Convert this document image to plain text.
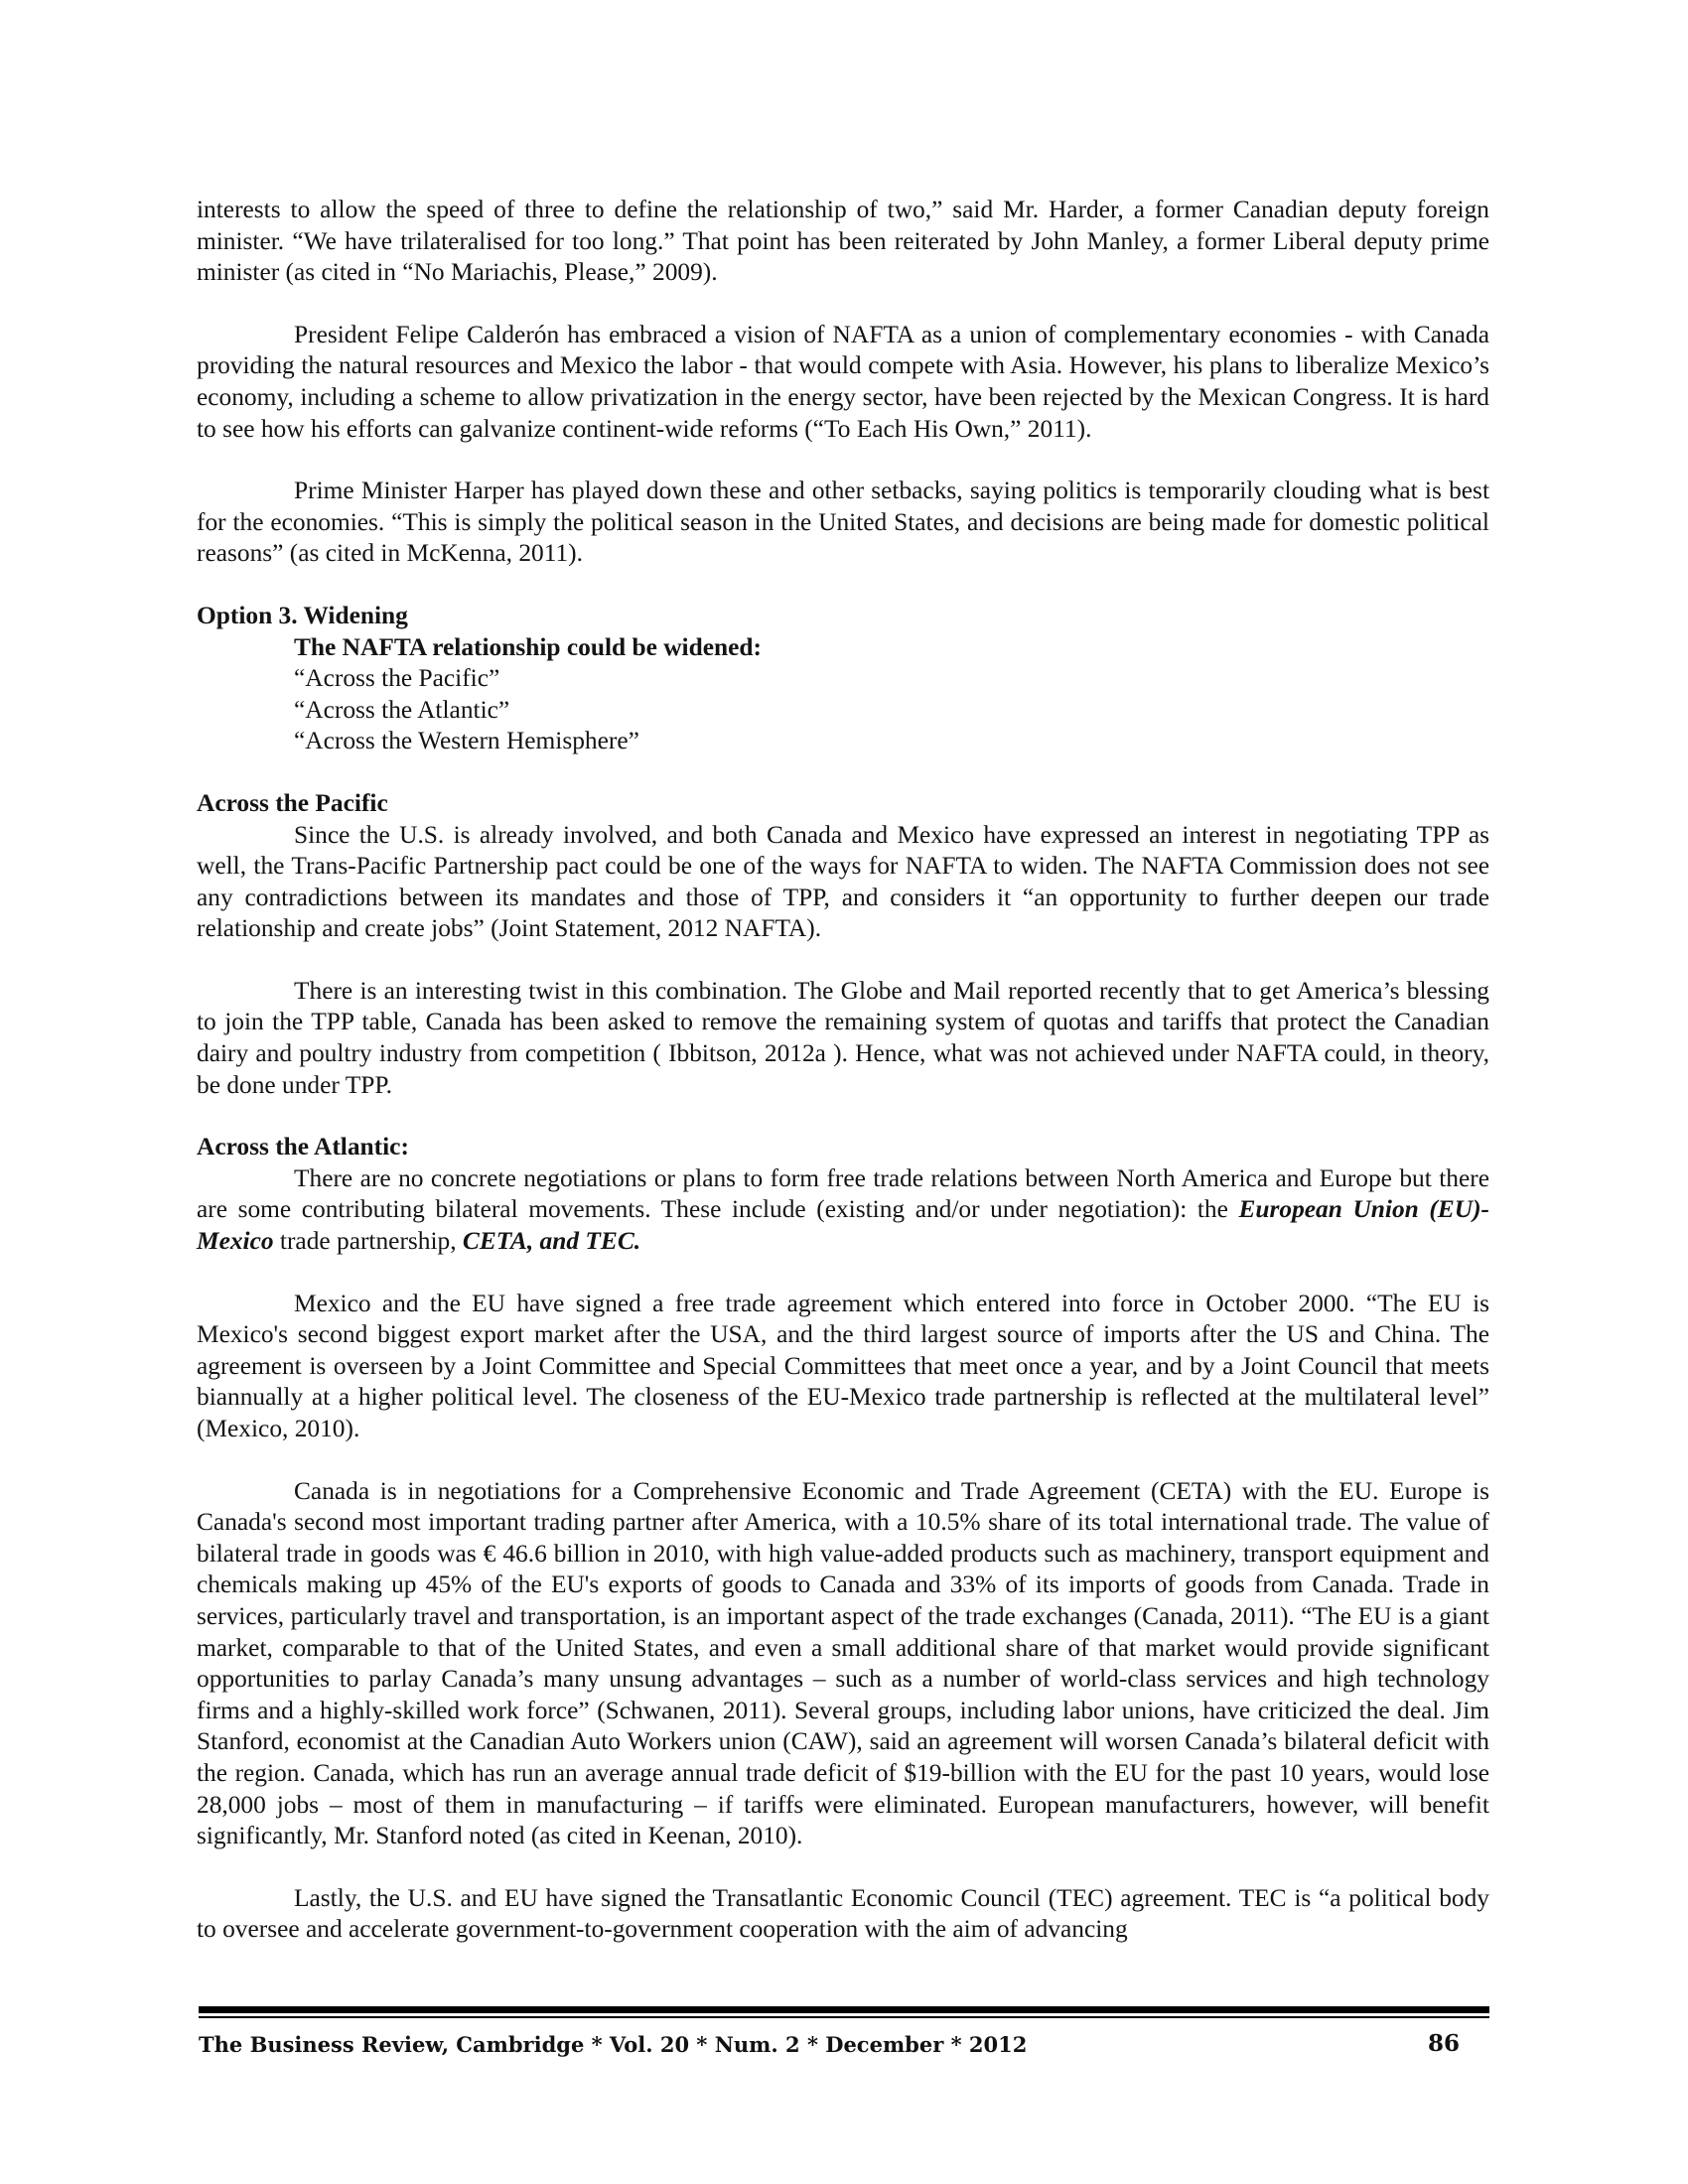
interests to allow the speed of three to define the relationship of two,” said Mr. Harder, a former Canadian deputy foreign minister. “We have trilateralised for too long.” That point has been reiterated by John Manley, a former Liberal deputy prime minister (as cited in “No Mariachis, Please,” 2009).

President Felipe Calderón has embraced a vision of NAFTA as a union of complementary economies - with Canada providing the natural resources and Mexico the labor - that would compete with Asia. However, his plans to liberalize Mexico’s economy, including a scheme to allow privatization in the energy sector, have been rejected by the Mexican Congress. It is hard to see how his efforts can galvanize continent-wide reforms (“To Each His Own,” 2011).

Prime Minister Harper has played down these and other setbacks, saying politics is temporarily clouding what is best for the economies. “This is simply the political season in the United States, and decisions are being made for domestic political reasons” (as cited in McKenna, 2011).

Option 3. Widening

The NAFTA relationship could be widened:

“Across the Pacific”

“Across the Atlantic”

“Across the Western Hemisphere”

Across the Pacific

Since the U.S. is already involved, and both Canada and Mexico have expressed an interest in negotiating TPP as well, the Trans-Pacific Partnership pact could be one of the ways for NAFTA to widen. The NAFTA Commission does not see any contradictions between its mandates and those of TPP, and considers it “an opportunity to further deepen our trade relationship and create jobs” (Joint Statement, 2012 NAFTA).

There is an interesting twist in this combination. The Globe and Mail reported recently that to get America’s blessing to join the TPP table, Canada has been asked to remove the remaining system of quotas and tariffs that protect the Canadian dairy and poultry industry from competition ( Ibbitson, 2012a ). Hence, what was not achieved under NAFTA could, in theory, be done under TPP.

Across the Atlantic:

There are no concrete negotiations or plans to form free trade relations between North America and Europe but there are some contributing bilateral movements. These include (existing and/or under negotiation): the European Union (EU)-Mexico trade partnership, CETA, and TEC.

Mexico and the EU have signed a free trade agreement which entered into force in October 2000. “The EU is Mexico's second biggest export market after the USA, and the third largest source of imports after the US and China. The agreement is overseen by a Joint Committee and Special Committees that meet once a year, and by a Joint Council that meets biannually at a higher political level. The closeness of the EU-Mexico trade partnership is reflected at the multilateral level” (Mexico, 2010).

Canada is in negotiations for a Comprehensive Economic and Trade Agreement (CETA) with the EU. Europe is Canada's second most important trading partner after America, with a 10.5% share of its total international trade. The value of bilateral trade in goods was € 46.6 billion in 2010, with high value-added products such as machinery, transport equipment and chemicals making up 45% of the EU's exports of goods to Canada and 33% of its imports of goods from Canada. Trade in services, particularly travel and transportation, is an important aspect of the trade exchanges (Canada, 2011). “The EU is a giant market, comparable to that of the United States, and even a small additional share of that market would provide significant opportunities to parlay Canada’s many unsung advantages – such as a number of world-class services and high technology firms and a highly-skilled work force” (Schwanen, 2011). Several groups, including labor unions, have criticized the deal. Jim Stanford, economist at the Canadian Auto Workers union (CAW), said an agreement will worsen Canada’s bilateral deficit with the region. Canada, which has run an average annual trade deficit of $19-billion with the EU for the past 10 years, would lose 28,000 jobs – most of them in manufacturing – if tariffs were eliminated. European manufacturers, however, will benefit significantly, Mr. Stanford noted (as cited in Keenan, 2010).

Lastly, the U.S. and EU have signed the Transatlantic Economic Council (TEC) agreement. TEC is “a political body to oversee and accelerate government-to-government cooperation with the aim of advancing

The Business Review, Cambridge * Vol. 20 * Num. 2 * December * 2012	86
